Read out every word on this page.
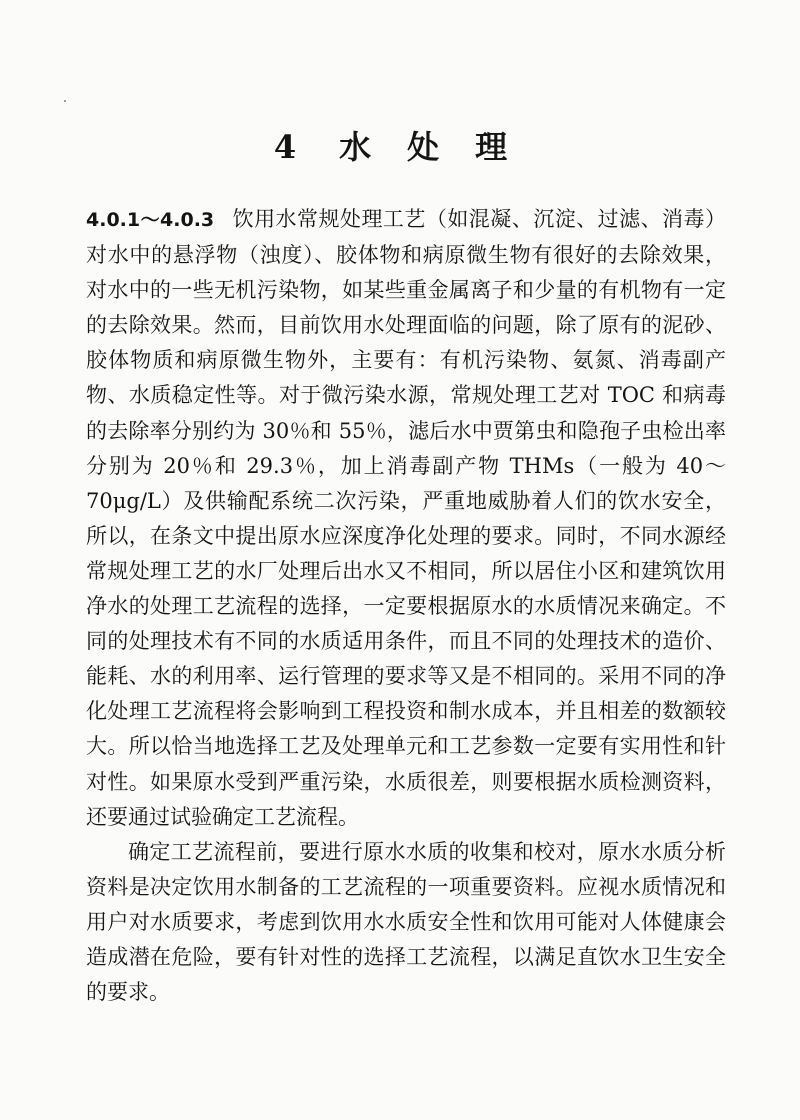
4 水 处 理

4.0.1～4.0.3 饮用水常规处理工艺（如混凝、沉淀、过滤、消毒）对水中的悬浮物（浊度）、胶体物和病原微生物有很好的去除效果，对水中的一些无机污染物，如某些重金属离子和少量的有机物有一定的去除效果。然而，目前饮用水处理面临的问题，除了原有的泥砂、胶体物质和病原微生物外，主要有：有机污染物、氨氮、消毒副产物、水质稳定性等。对于微污染水源，常规处理工艺对 TOC 和病毒的去除率分别约为 30％和 55％，滤后水中贾第虫和隐孢子虫检出率分别为 20％和 29.3％，加上消毒副产物 THMs（一般为 40～70μg/L）及供输配系统二次污染，严重地威胁着人们的饮水安全，所以，在条文中提出原水应深度净化处理的要求。同时，不同水源经常规处理工艺的水厂处理后出水又不相同，所以居住小区和建筑饮用净水的处理工艺流程的选择，一定要根据原水的水质情况来确定。不同的处理技术有不同的水质适用条件，而且不同的处理技术的造价、能耗、水的利用率、运行管理的要求等又是不相同的。采用不同的净化处理工艺流程将会影响到工程投资和制水成本，并且相差的数额较大。所以恰当地选择工艺及处理单元和工艺参数一定要有实用性和针对性。如果原水受到严重污染，水质很差，则要根据水质检测资料，还要通过试验确定工艺流程。

确定工艺流程前，要进行原水水质的收集和校对，原水水质分析资料是决定饮用水制备的工艺流程的一项重要资料。应视水质情况和用户对水质要求，考虑到饮用水水质安全性和饮用可能对人体健康会造成潜在危险，要有针对性的选择工艺流程，以满足直饮水卫生安全的要求。
